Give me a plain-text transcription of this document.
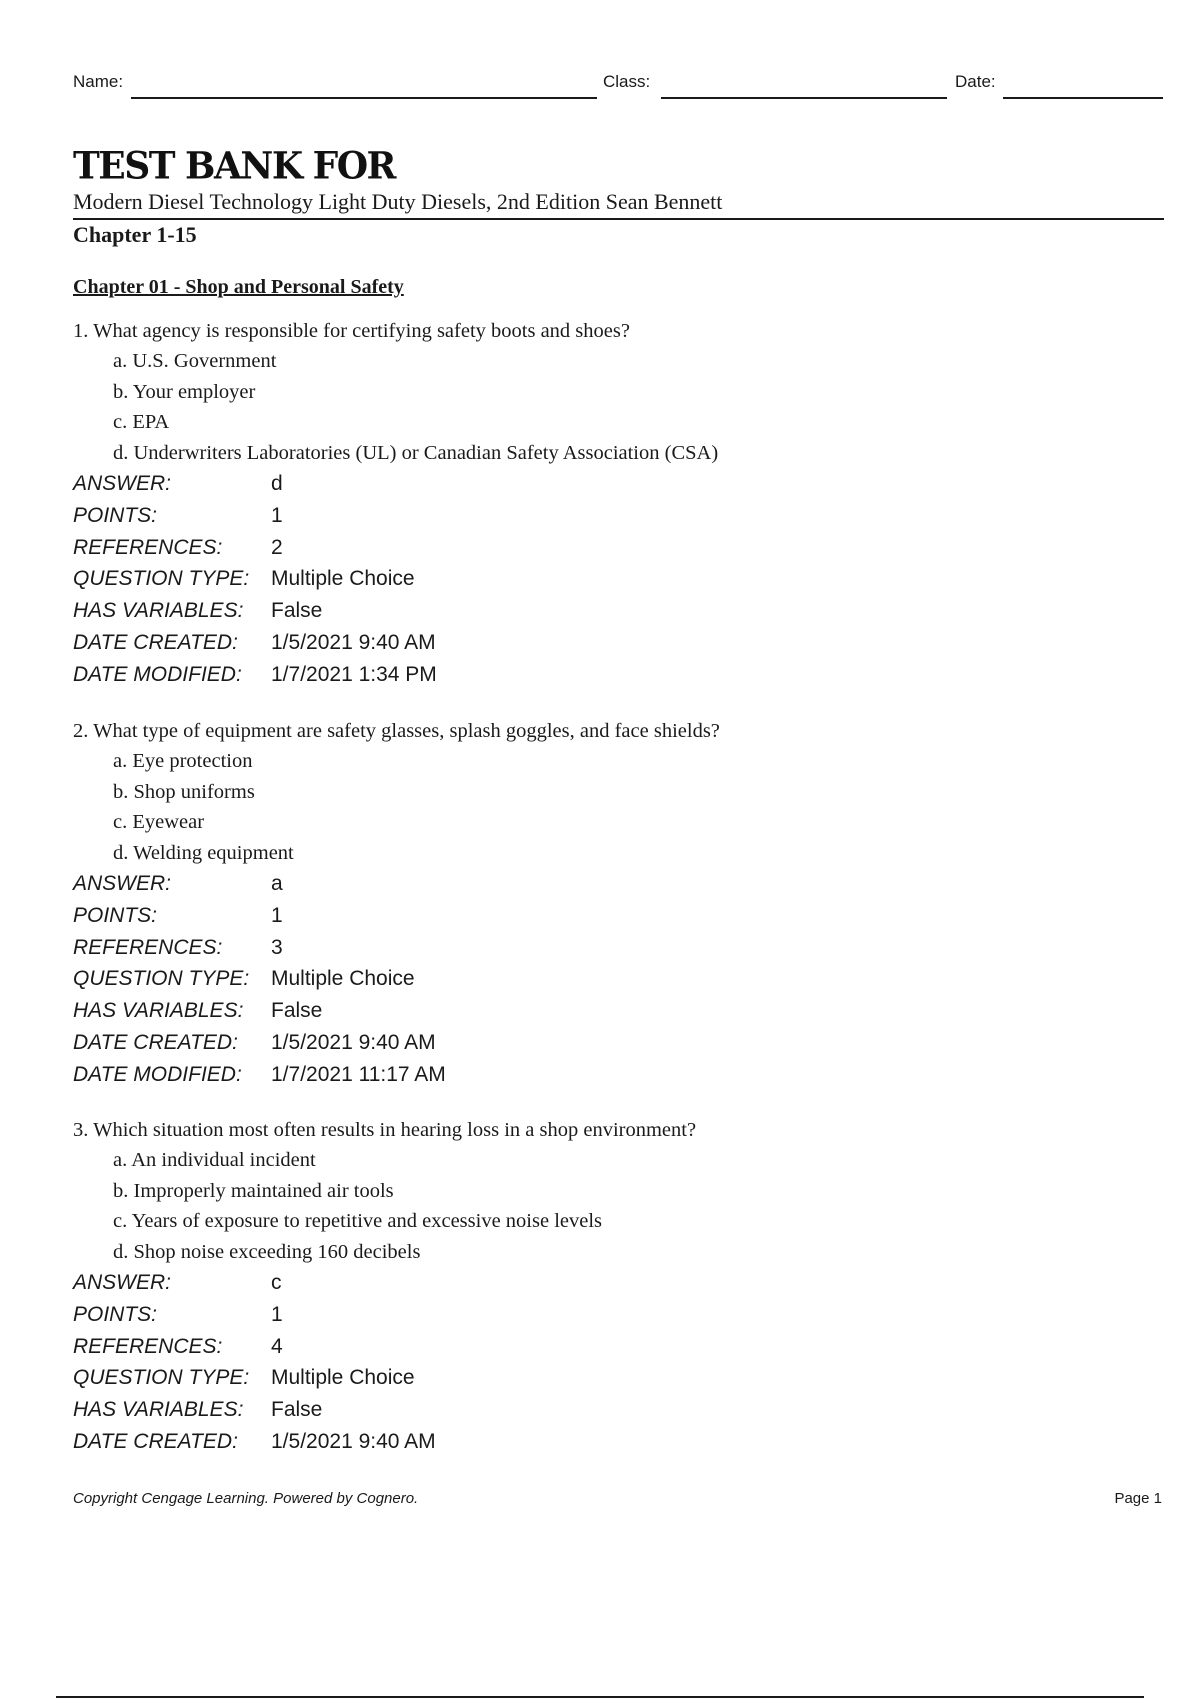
Name:	Class:	Date:
TEST BANK FOR
Modern Diesel Technology Light Duty Diesels, 2nd Edition Sean Bennett
Chapter 1-15
Chapter 01 - Shop and Personal Safety
1. What agency is responsible for certifying safety boots and shoes?
a. U.S. Government
b. Your employer
c. EPA
d. Underwriters Laboratories (UL) or Canadian Safety Association (CSA)
ANSWER:	d
POINTS:	1
REFERENCES: 2
QUESTION TYPE: Multiple Choice
HAS VARIABLES: False
DATE CREATED: 1/5/2021 9:40 AM
DATE MODIFIED: 1/7/2021 1:34 PM
2. What type of equipment are safety glasses, splash goggles, and face shields?
a. Eye protection
b. Shop uniforms
c. Eyewear
d. Welding equipment
ANSWER:	a
POINTS:	1
REFERENCES: 3
QUESTION TYPE: Multiple Choice
HAS VARIABLES: False
DATE CREATED: 1/5/2021 9:40 AM
DATE MODIFIED: 1/7/2021 11:17 AM
3. Which situation most often results in hearing loss in a shop environment?
a. An individual incident
b. Improperly maintained air tools
c. Years of exposure to repetitive and excessive noise levels
d. Shop noise exceeding 160 decibels
ANSWER:	c
POINTS:	1
REFERENCES: 4
QUESTION TYPE: Multiple Choice
HAS VARIABLES: False
DATE CREATED: 1/5/2021 9:40 AM
Copyright Cengage Learning. Powered by Cognero.	Page 1
